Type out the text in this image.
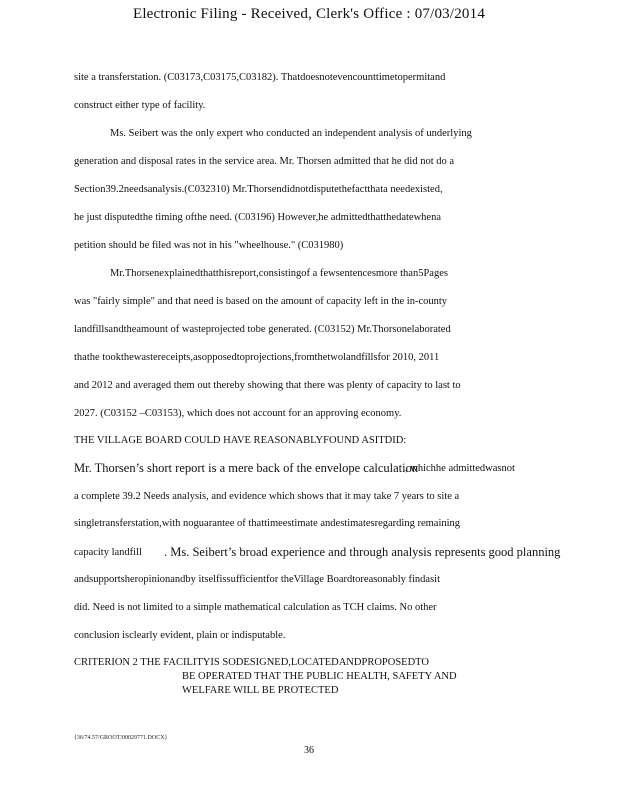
Electronic Filing - Received, Clerk's Office : 07/03/2014
site a transferstation. (C03173,C03175,C03182). Thatdoesnotevencounttimetopermitand
construct either type of facility.
Ms. Seibert was the only expert who conducted an independent analysis of underlying
generation and disposal rates in the service area. Mr. Thorsen admitted that he did not do a
Section39.2needsanalysis.(C032310) Mr.Thorsendidnotdisputethefactthata needexisted,
he just disputedthe timing ofthe need. (C03196) However,he admittedthatthedatewhena
petition should be filed was not in his "wheelhouse." (C031980)
Mr.Thorsenexplainedthatthisreport,consistingof a fewsentencesmore than5Pages
was "fairly simple" and that need is based on the amount of capacity left in the in-county
landfillsandtheamount of wasteprojected tobe generated. (C03152) Mr.Thorsonelaborated
thathe tookthewastereceipts,asopposedtoprojections,fromthetwolandfillsfor 2010, 2011
and 2012 and averaged them out thereby showing that there was plenty of capacity to last to
2027. (C03152 –C03153), which does not account for an approving economy.
THE VILLAGE BOARD COULD HAVE REASONABLYFOUND ASITDID:
Mr. Thorsen’s short report is a mere back of the envelope calculation
, whichhe admittedwasnot
a complete 39.2 Needs analysis, and evidence which shows that it may take 7 years to site a
singletransferstation,with noguarantee of thattimeestimate andestimatesregarding remaining
capacity landfill . Ms. Seibert’s broad experience and through analysis represents good planning
andsupportsheropinionandby itselfissufficientfor theVillage Boardtoreasonably findasit
did. Need is not limited to a simple mathematical calculation as TCH claims. No other
conclusion isclearly evident, plain or indisputable.
CRITERION 2 THE FACILITYIS SODESIGNED,LOCATEDANDPROPOSEDTO
BE OPERATED THAT THE PUBLIC HEALTH, SAFETY AND
WELFARE WILL BE PROTECTED
{36/74.57/GROOT/00029771.DOCX}
36
